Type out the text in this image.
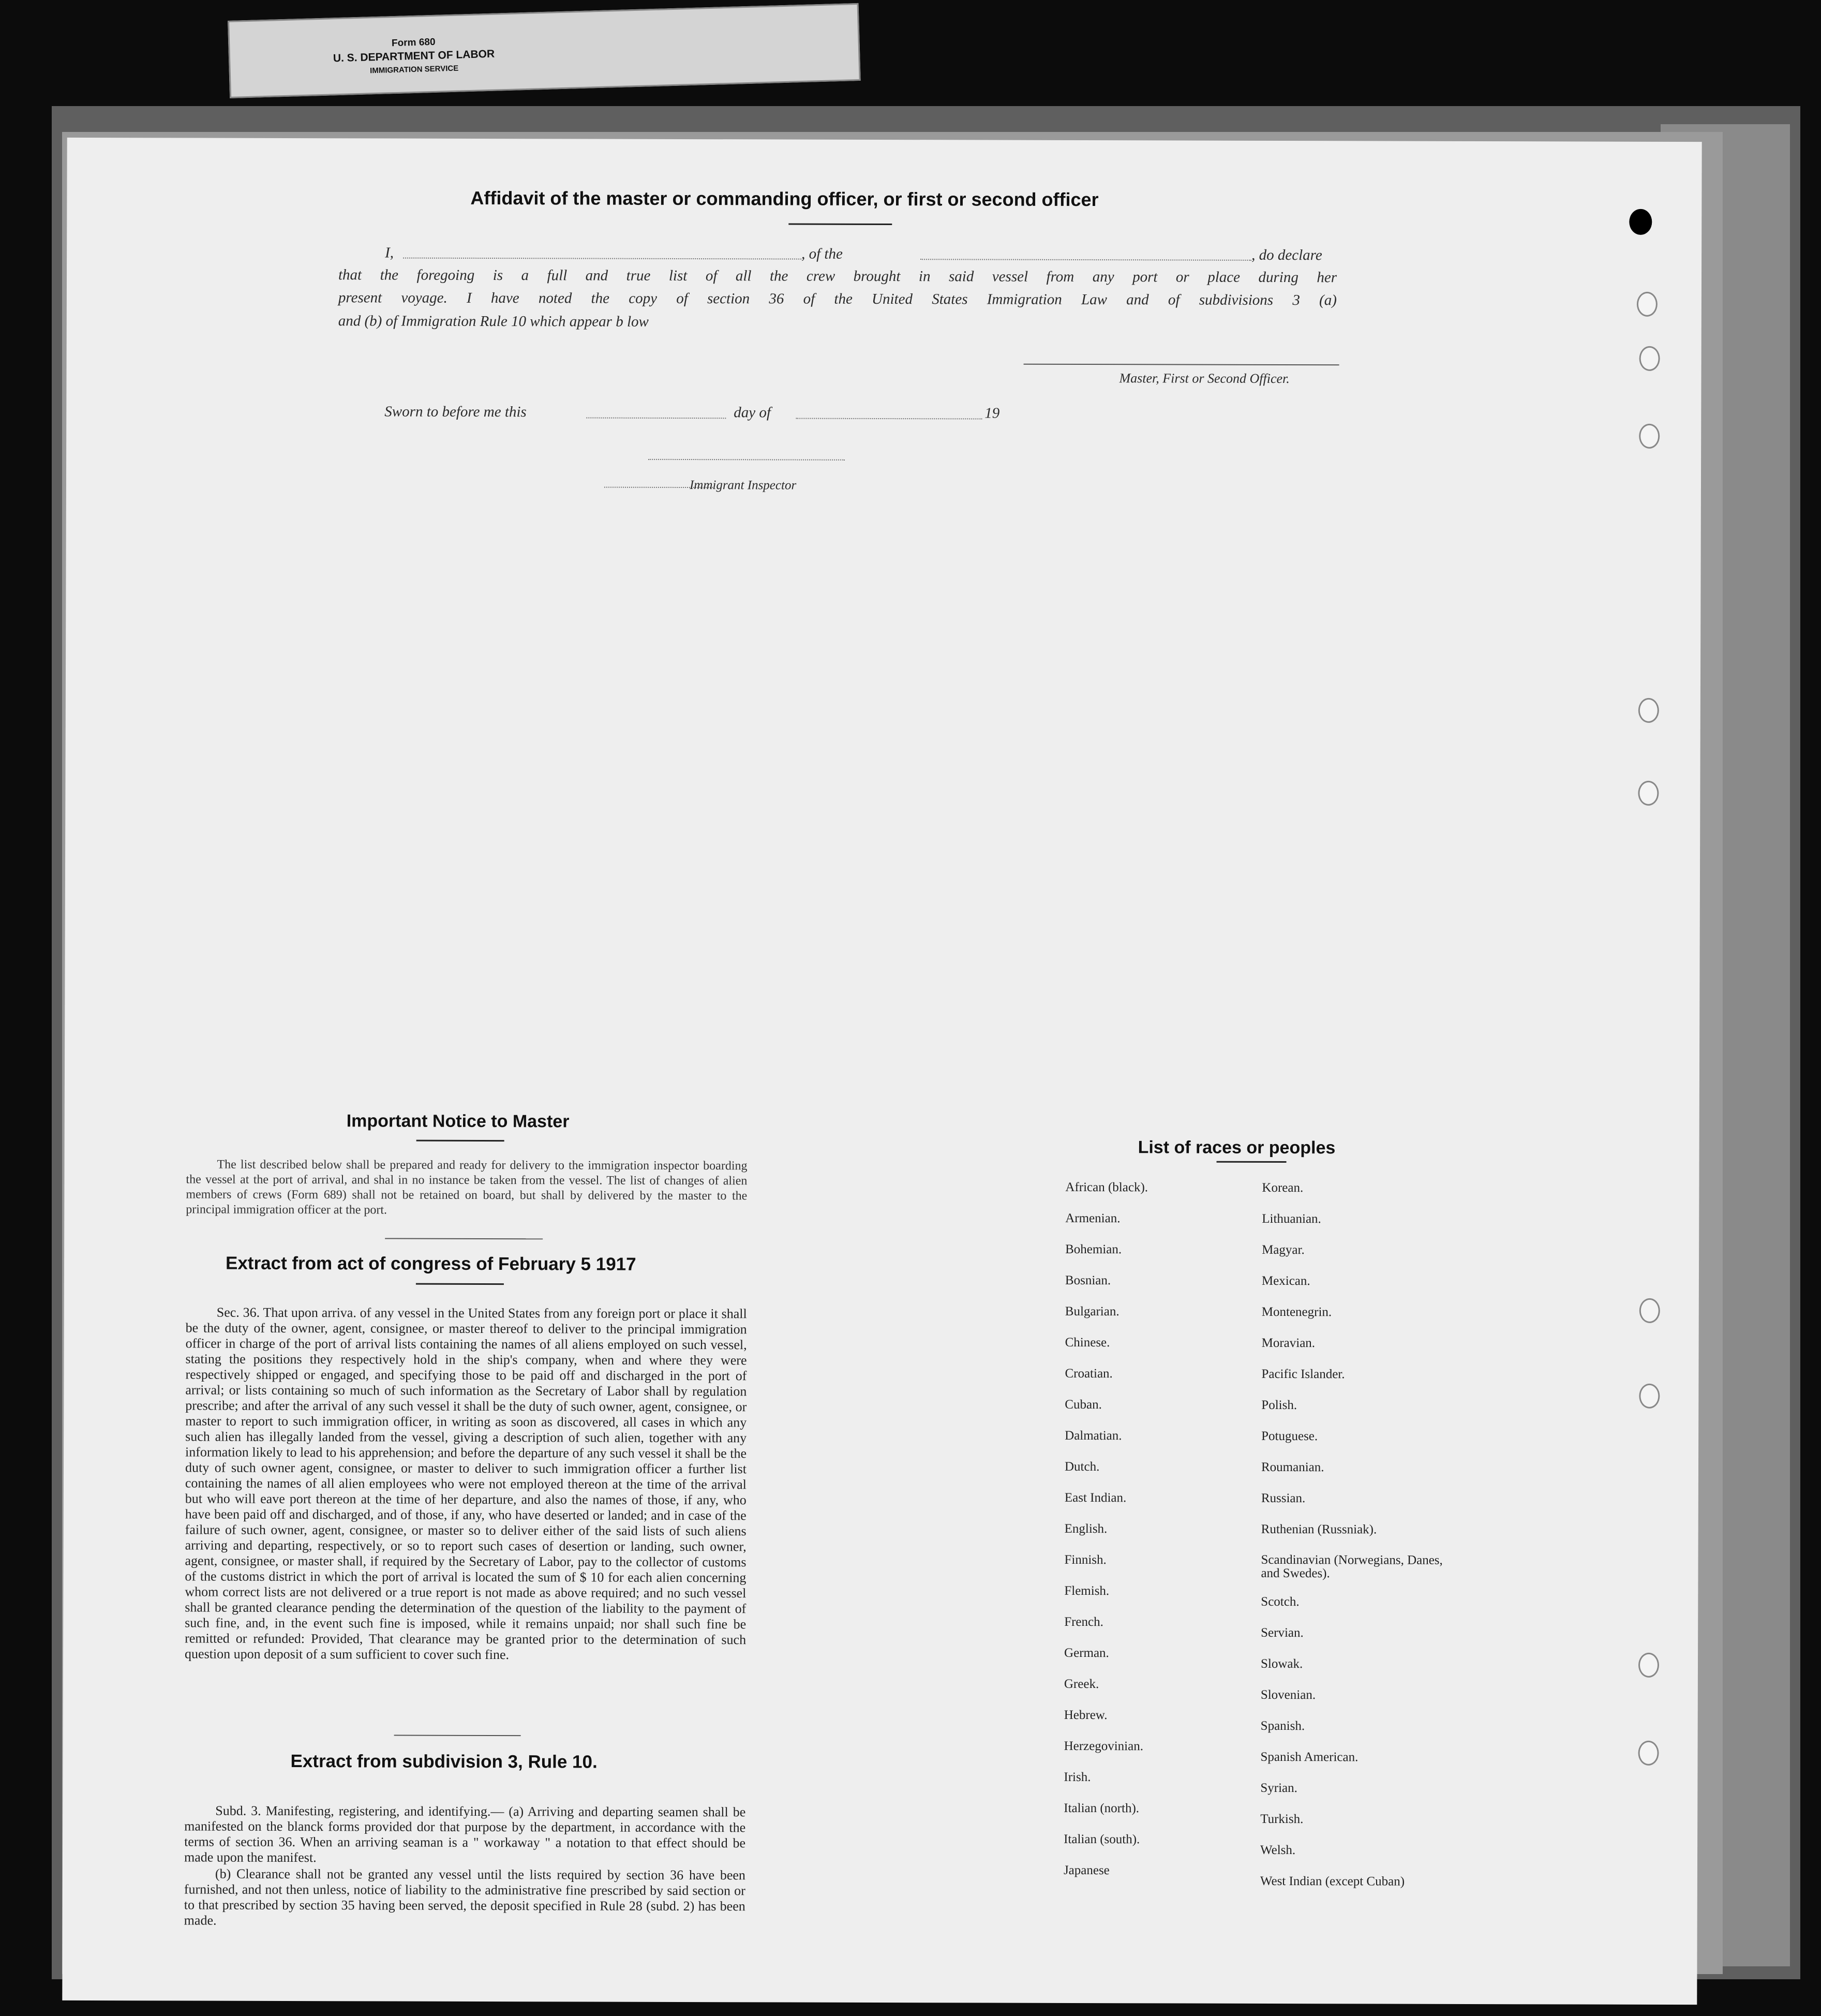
Form 680
U. S. DEPARTMENT OF LABOR
IMMIGRATION SERVICE
Affidavit of the master or commanding officer, or first or second officer
I,	, of the	, do declare
that the foregoing is a full and true list of all the crew brought in said vessel from any port or place during her
present voyage. I have noted the copy of section 36 of the United States Immigration Law and of subdivisions 3 (a)
and (b) of Immigration Rule 10 which appear b low
Master, First or Second Officer.
Sworn to before me this	day of	19
Immigrant Inspector
Important Notice to Master
The list described below shall be prepared and ready for delivery to the immigration inspector boarding the vessel at the port of arrival, and shal in no instance be taken from the vessel. The list of changes of alien members of crews (Form 689) shall not be retained on board, but shall by delivered by the master to the principal immigration officer at the port.
Extract from act of congress of February 5 1917
Sec. 36. That upon arriva. of any vessel in the United States from any foreign port or place it shall be the duty of the owner, agent, consignee, or master thereof to deliver to the principal immigration officer in charge of the port of arrival lists containing the names of all aliens employed on such vessel, stating the positions they respectively hold in the ship's company, when and where they were respectively shipped or engaged, and specifying those to be paid off and discharged in the port of arrival; or lists containing so much of such information as the Secretary of Labor shall by regulation prescribe; and after the arrival of any such vessel it shall be the duty of such owner, agent, consignee, or master to report to such immigration officer, in writing as soon as discovered, all cases in which any such alien has illegally landed from the vessel, giving a description of such alien, together with any information likely to lead to his apprehension; and before the departure of any such vessel it shall be the duty of such owner agent, consignee, or master to deliver to such immigration officer a further list containing the names of all alien employees who were not employed thereon at the time of the arrival but who will eave port thereon at the time of her departure, and also the names of those, if any, who have been paid off and discharged, and of those, if any, who have deserted or landed; and in case of the failure of such owner, agent, consignee, or master so to deliver either of the said lists of such aliens arriving and departing, respectively, or so to report such cases of desertion or landing, such owner, agent, consignee, or master shall, if required by the Secretary of Labor, pay to the collector of customs of the customs district in which the port of arrival is located the sum of $ 10 for each alien concerning whom correct lists are not delivered or a true report is not made as above required; and no such vessel shall be granted clearance pending the determination of the question of the liability to the payment of such fine, and, in the event such fine is imposed, while it remains unpaid; nor shall such fine be remitted or refunded: Provided, That clearance may be granted prior to the determination of such question upon deposit of a sum sufficient to cover such fine.
Extract from subdivision 3, Rule 10.
Subd. 3. Manifesting, registering, and identifying.— (a) Arriving and departing seamen shall be manifested on the blanck forms provided dor that purpose by the department, in accordance with the terms of section 36. When an arriving seaman is a " workaway " a notation to that effect should be made upon the manifest.
(b) Clearance shall not be granted any vessel until the lists required by section 36 have been furnished, and not then unless, notice of liability to the administrative fine prescribed by said section or to that prescribed by section 35 having been served, the deposit specified in Rule 28 (subd. 2) has been made.
List of races or peoples
African (black).
Armenian.
Bohemian.
Bosnian.
Bulgarian.
Chinese.
Croatian.
Cuban.
Dalmatian.
Dutch.
East Indian.
English.
Finnish.
Flemish.
French.
German.
Greek.
Hebrew.
Herzegovinian.
Irish.
Italian (north).
Italian (south).
Japanese
Korean.
Lithuanian.
Magyar.
Mexican.
Montenegrin.
Moravian.
Pacific Islander.
Polish.
Potuguese.
Roumanian.
Russian.
Ruthenian (Russniak).
Scandinavian (Norwegians, Danes, and Swedes).
Scotch.
Servian.
Slowak.
Slovenian.
Spanish.
Spanish American.
Syrian.
Turkish.
Welsh.
West Indian (except Cuban)
